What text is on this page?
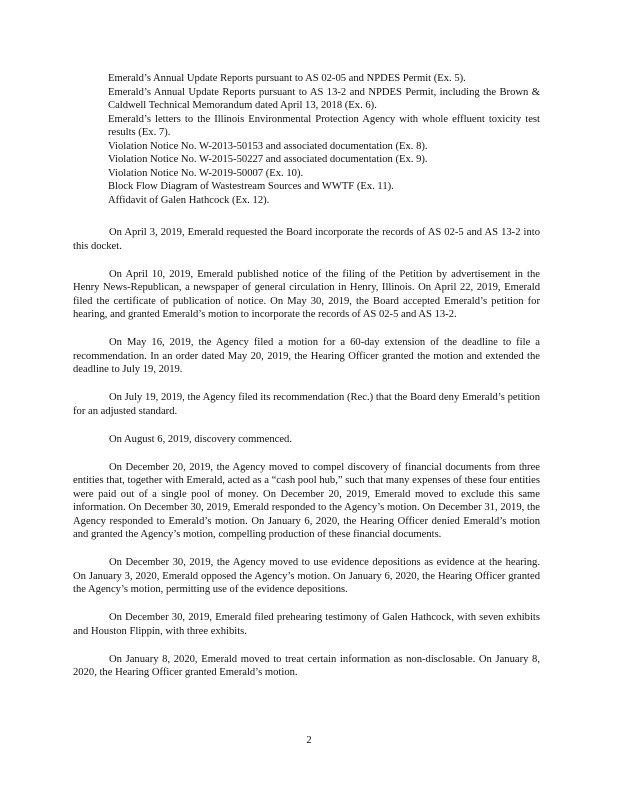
Emerald’s Annual Update Reports pursuant to AS 02-05 and NPDES Permit (Ex. 5).
Emerald’s Annual Update Reports pursuant to AS 13-2 and NPDES Permit, including the Brown & Caldwell Technical Memorandum dated April 13, 2018 (Ex. 6).
Emerald’s letters to the Illinois Environmental Protection Agency with whole effluent toxicity test results (Ex. 7).
Violation Notice No. W-2013-50153 and associated documentation (Ex. 8).
Violation Notice No. W-2015-50227 and associated documentation (Ex. 9).
Violation Notice No. W-2019-50007 (Ex. 10).
Block Flow Diagram of Wastestream Sources and WWTF (Ex. 11).
Affidavit of Galen Hathcock (Ex. 12).

On April 3, 2019, Emerald requested the Board incorporate the records of AS 02-5 and AS 13-2 into this docket.

On April 10, 2019, Emerald published notice of the filing of the Petition by advertisement in the Henry News-Republican, a newspaper of general circulation in Henry, Illinois. On April 22, 2019, Emerald filed the certificate of publication of notice. On May 30, 2019, the Board accepted Emerald’s petition for hearing, and granted Emerald’s motion to incorporate the records of AS 02-5 and AS 13-2.

On May 16, 2019, the Agency filed a motion for a 60-day extension of the deadline to file a recommendation. In an order dated May 20, 2019, the Hearing Officer granted the motion and extended the deadline to July 19, 2019.

On July 19, 2019, the Agency filed its recommendation (Rec.) that the Board deny Emerald’s petition for an adjusted standard.

On August 6, 2019, discovery commenced.

On December 20, 2019, the Agency moved to compel discovery of financial documents from three entities that, together with Emerald, acted as a “cash pool hub,” such that many expenses of these four entities were paid out of a single pool of money. On December 20, 2019, Emerald moved to exclude this same information. On December 30, 2019, Emerald responded to the Agency’s motion. On December 31, 2019, the Agency responded to Emerald’s motion. On January 6, 2020, the Hearing Officer denied Emerald’s motion and granted the Agency’s motion, compelling production of these financial documents.

On December 30, 2019, the Agency moved to use evidence depositions as evidence at the hearing. On January 3, 2020, Emerald opposed the Agency’s motion. On January 6, 2020, the Hearing Officer granted the Agency’s motion, permitting use of the evidence depositions.

On December 30, 2019, Emerald filed prehearing testimony of Galen Hathcock, with seven exhibits and Houston Flippin, with three exhibits.

On January 8, 2020, Emerald moved to treat certain information as non-disclosable. On January 8, 2020, the Hearing Officer granted Emerald’s motion.

2
